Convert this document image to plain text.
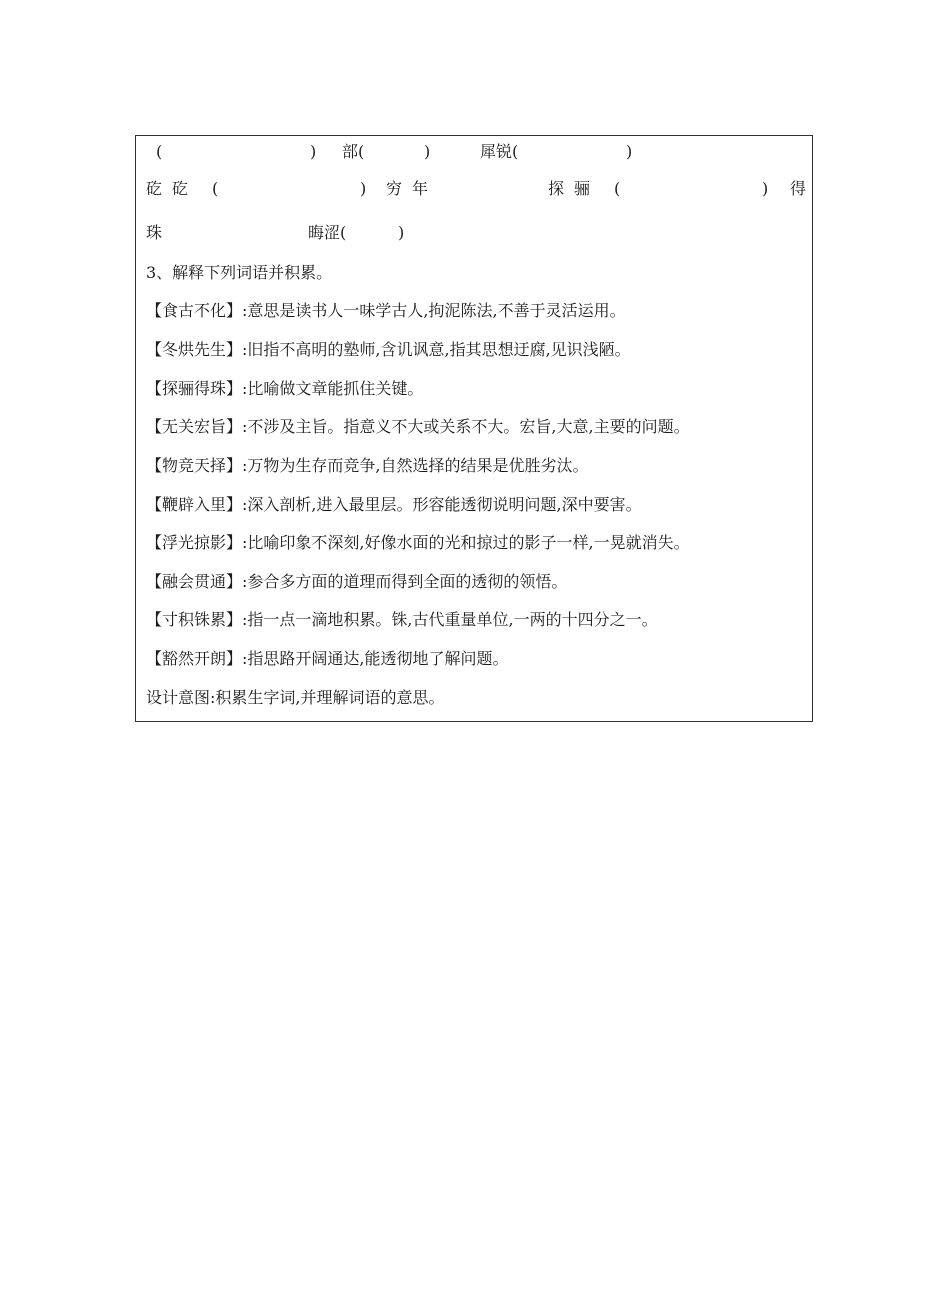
(	) 部(	)	犀锐(	)
矻矻 (	) 穷年	探骊 (	) 得
珠	晦涩(	)
3、解释下列词语并积累。
【食古不化】:意思是读书人一味学古人,拘泥陈法,不善于灵活运用。
【冬烘先生】:旧指不高明的塾师,含讥讽意,指其思想迂腐,见识浅陋。
【探骊得珠】:比喻做文章能抓住关键。
【无关宏旨】:不涉及主旨。指意义不大或关系不大。宏旨,大意,主要的问题。
【物竞天择】:万物为生存而竞争,自然选择的结果是优胜劣汰。
【鞭辟入里】:深入剖析,进入最里层。形容能透彻说明问题,深中要害。
【浮光掠影】:比喻印象不深刻,好像水面的光和掠过的影子一样,一晃就消失。
【融会贯通】:参合多方面的道理而得到全面的透彻的领悟。
【寸积铢累】:指一点一滴地积累。铢,古代重量单位,一两的十四分之一。
【豁然开朗】:指思路开阔通达,能透彻地了解问题。
设计意图:积累生字词,并理解词语的意思。
